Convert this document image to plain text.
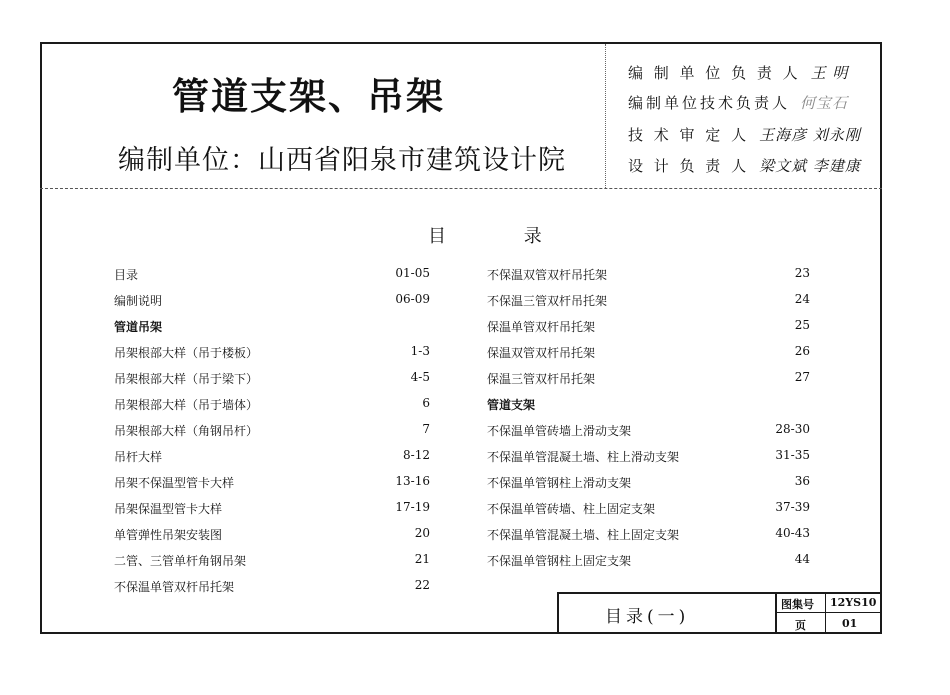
管道支架、吊架
编制单位：山西省阳泉市建筑设计院
编 制 单 位 负 责 人 王 明
编制单位技术负责人 何宝石
技 术 审 定 人 王海彦 刘永刚
设 计 负 责 人 梁文斌 李建康
目 录
目录	01-05
编制说明	06-09
管道吊架
吊架根部大样（吊于楼板）	1-3
吊架根部大样（吊于梁下）	4-5
吊架根部大样（吊于墙体）	6
吊架根部大样（角钢吊杆）	7
吊杆大样	8-12
吊架不保温型管卡大样	13-16
吊架保温型管卡大样	17-19
单管弹性吊架安装图	20
二管、三管单杆角钢吊架	21
不保温单管双杆吊托架	22
不保温双管双杆吊托架	23
不保温三管双杆吊托架	24
保温单管双杆吊托架	25
保温双管双杆吊托架	26
保温三管双杆吊托架	27
管道支架
不保温单管砖墙上滑动支架	28-30
不保温单管混凝土墙、柱上滑动支架	31-35
不保温单管钢柱上滑动支架	36
不保温单管砖墙、柱上固定支架	37-39
不保温单管混凝土墙、柱上固定支架	40-43
不保温单管钢柱上固定支架	44
目录(一)
图集号 12YS10
页	01
